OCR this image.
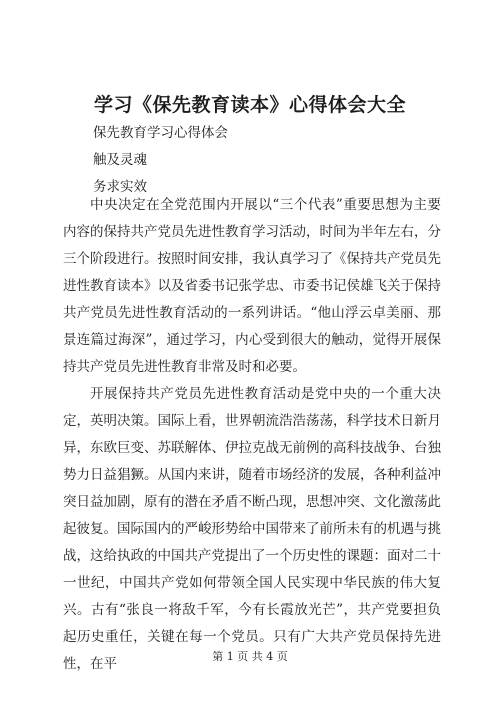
学习《保先教育读本》心得体会大全

保先教育学习心得体会

触及灵魂

务求实效

中央决定在全党范围内开展以“三个代表”重要思想为主要内容的保持共产党员先进性教育学习活动，时间为半年左右，分三个阶段进行。按照时间安排，我认真学习了《保持共产党员先进性教育读本》以及省委书记张学忠、市委书记侯雄飞关于保持共产党员先进性教育活动的一系列讲话。“他山浮云卓美丽、那景连篇过海深”，通过学习，内心受到很大的触动，觉得开展保持共产党员先进性教育非常及时和必要。

开展保持共产党员先进性教育活动是党中央的一个重大决定，英明决策。国际上看，世界朝流浩浩荡荡，科学技术日新月异，东欧巨变、苏联解体、伊拉克战无前例的高科技战争、台独势力日益猖獗。从国内来讲，随着市场经济的发展，各种利益冲突日益加剧，原有的潜在矛盾不断凸现，思想冲突、文化激荡此起彼复。国际国内的严峻形势给中国带来了前所未有的机遇与挑战，这给执政的中国共产党提出了一个历史性的课题：面对二十一世纪，中国共产党如何带领全国人民实现中华民族的伟大复兴。古有“张良一将敌千军，今有长霞放光芒”，共产党要担负起历史重任，关键在每一个党员。只有广大共产党员保持先进性，在平	第 1 页 共 4 页
